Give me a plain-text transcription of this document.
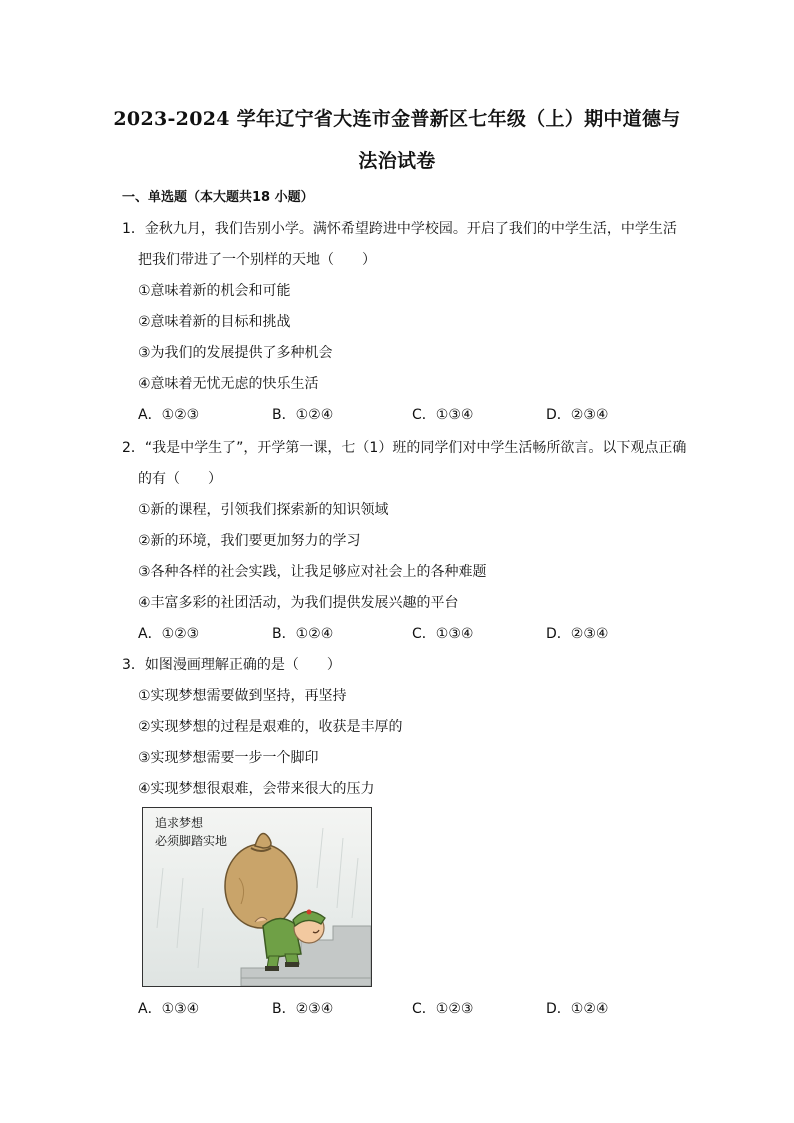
2023-2024 学年辽宁省大连市金普新区七年级（上）期中道德与
法治试卷
一、单选题（本大题共18 小题）
1．金秋九月，我们告别小学。满怀希望跨进中学校园。开启了我们的中学生活，中学生活
把我们带进了一个别样的天地（　　）
①意味着新的机会和可能
②意味着新的目标和挑战
③为我们的发展提供了多种机会
④意味着无忧无虑的快乐生活
A．①②③	B．①②④	C．①③④	D．②③④
2．“我是中学生了”，开学第一课，七（1）班的同学们对中学生活畅所欲言。以下观点正确
的有（　　）
①新的课程，引领我们探索新的知识领域
②新的环境，我们要更加努力的学习
③各种各样的社会实践，让我足够应对社会上的各种难题
④丰富多彩的社团活动，为我们提供发展兴趣的平台
A．①②③	B．①②④	C．①③④	D．②③④
3．如图漫画理解正确的是（　　）
①实现梦想需要做到坚持，再坚持
②实现梦想的过程是艰难的，收获是丰厚的
③实现梦想需要一步一个脚印
④实现梦想很艰难，会带来很大的压力
追求梦想
必须脚踏实地
A．①③④	B．②③④	C．①②③	D．①②④
